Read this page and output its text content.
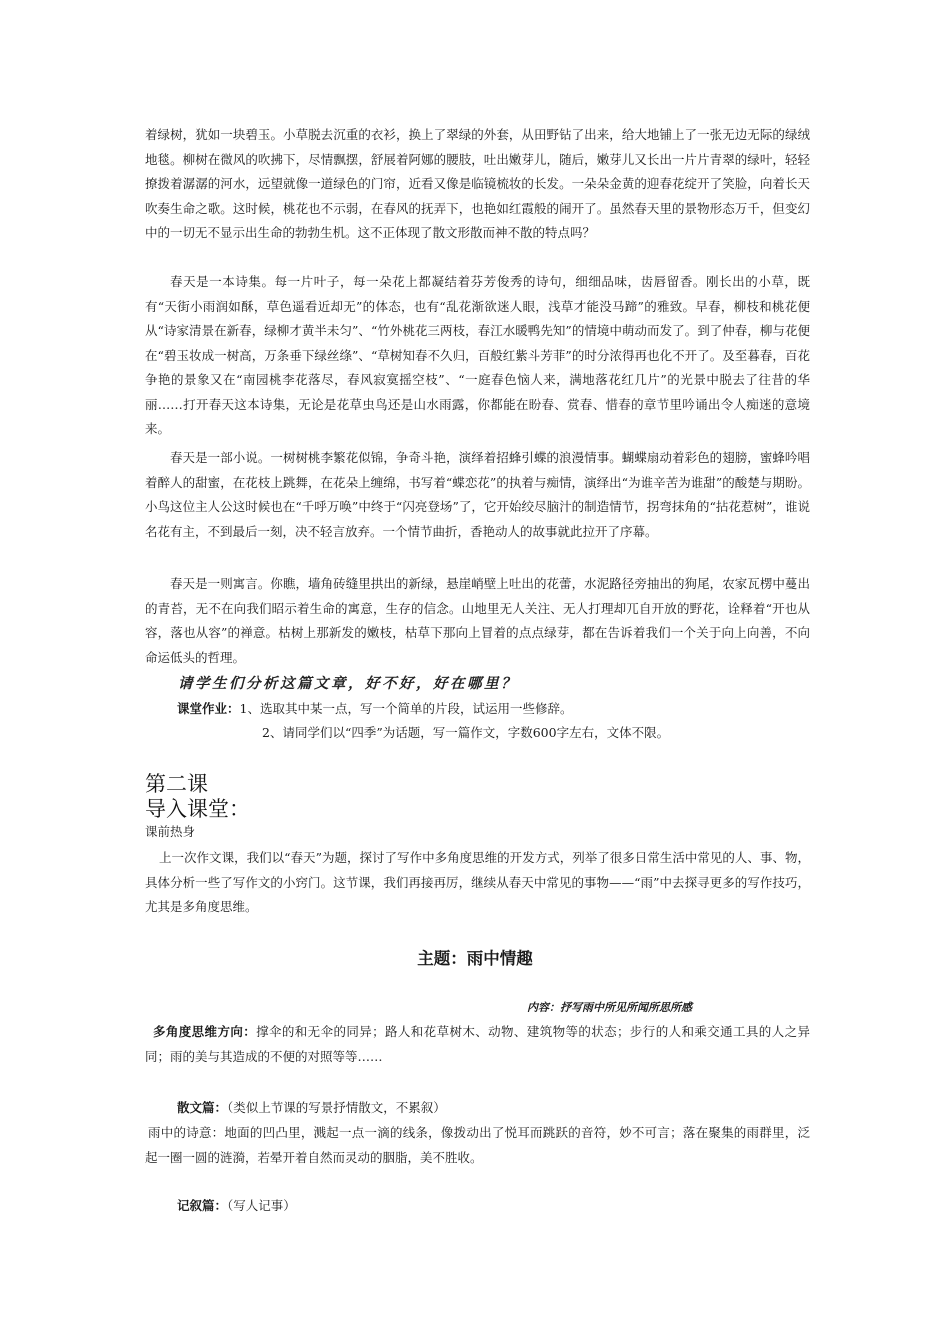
着绿树，犹如一块碧玉。小草脱去沉重的衣衫，换上了翠绿的外套，从田野钻了出来，给大地铺上了一张无边无际的绿绒地毯。柳树在微风的吹拂下，尽情飘摆，舒展着阿娜的腰肢，吐出嫩芽儿，随后，嫩芽儿又长出一片片青翠的绿叶，轻轻撩拨着潺潺的河水，远望就像一道绿色的门帘，近看又像是临镜梳妆的长发。一朵朵金黄的迎春花绽开了笑脸，向着长天吹奏生命之歌。这时候，桃花也不示弱，在春风的抚弄下，也艳如红霞般的闹开了。虽然春天里的景物形态万千，但变幻中的一切无不显示出生命的勃勃生机。这不正体现了散文形散而神不散的特点吗？

春天是一本诗集。每一片叶子，每一朵花上都凝结着芬芳俊秀的诗句，细细品味，齿唇留香。刚长出的小草，既有“天街小雨润如酥，草色遥看近却无”的体态，也有“乱花渐欲迷人眼，浅草才能没马蹄”的雅致。早春，柳枝和桃花便从“诗家清景在新春，绿柳才黄半未匀”、“竹外桃花三两枝，春江水暖鸭先知”的情境中萌动而发了。到了仲春，柳与花便在“碧玉妆成一树高，万条垂下绿丝绦”、“草树知春不久归，百般红紫斗芳菲”的时分浓得再也化不开了。及至暮春，百花争艳的景象又在“南园桃李花落尽，春风寂寞摇空枝”、“一庭春色恼人来，满地落花红几片”的光景中脱去了往昔的华丽……打开春天这本诗集，无论是花草虫鸟还是山水雨露，你都能在盼春、赏春、惜春的章节里吟诵出令人痴迷的意境来。

春天是一部小说。一树树桃李繁花似锦，争奇斗艳，演绎着招蜂引蝶的浪漫情事。蝴蝶扇动着彩色的翅膀，蜜蜂吟唱着醉人的甜蜜，在花枝上跳舞，在花朵上缠绵，书写着“蝶恋花”的执着与痴情，演绎出“为谁辛苦为谁甜”的酸楚与期盼。小鸟这位主人公这时候也在“千呼万唤”中终于“闪亮登场”了，它开始绞尽脑汁的制造情节，拐弯抹角的“拈花惹树”，谁说名花有主，不到最后一刻，决不轻言放弃。一个情节曲折，香艳动人的故事就此拉开了序幕。

春天是一则寓言。你瞧，墙角砖缝里拱出的新绿，悬崖峭壁上吐出的花蕾，水泥路径旁抽出的狗尾，农家瓦楞中蔓出的青苔，无不在向我们昭示着生命的寓意，生存的信念。山地里无人关注、无人打理却兀自开放的野花，诠释着“开也从容，落也从容”的禅意。枯树上那新发的嫩枝，枯草下那向上冒着的点点绿芽，都在告诉着我们一个关于向上向善，不向命运低头的哲理。

请学生们分析这篇文章，好不好，好在哪里？
课堂作业：1、选取其中某一点，写一个简单的片段，试运用一些修辞。
2、请同学们以“四季”为话题，写一篇作文，字数600字左右，文体不限。
第二课
导入课堂：
课前热身

上一次作文课，我们以“春天”为题，探讨了写作中多角度思维的开发方式，列举了很多日常生活中常见的人、事、物，具体分析一些了写作文的小窍门。这节课，我们再接再厉，继续从春天中常见的事物——“雨”中去探寻更多的写作技巧，尤其是多角度思维。

主题：雨中情趣
内容：抒写雨中所见所闻所思所感

多角度思维方向：撑伞的和无伞的同异；路人和花草树木、动物、建筑物等的状态；步行的人和乘交通工具的人之异同；雨的美与其造成的不便的对照等等……

散文篇：（类似上节课的写景抒情散文，不累叙）

雨中的诗意：地面的凹凸里，溅起一点一滴的线条，像拨动出了悦耳而跳跃的音符，妙不可言；落在聚集的雨群里，泛起一圈一圆的涟漪，若晕开着自然而灵动的胭脂，美不胜收。

记叙篇：（写人记事）
